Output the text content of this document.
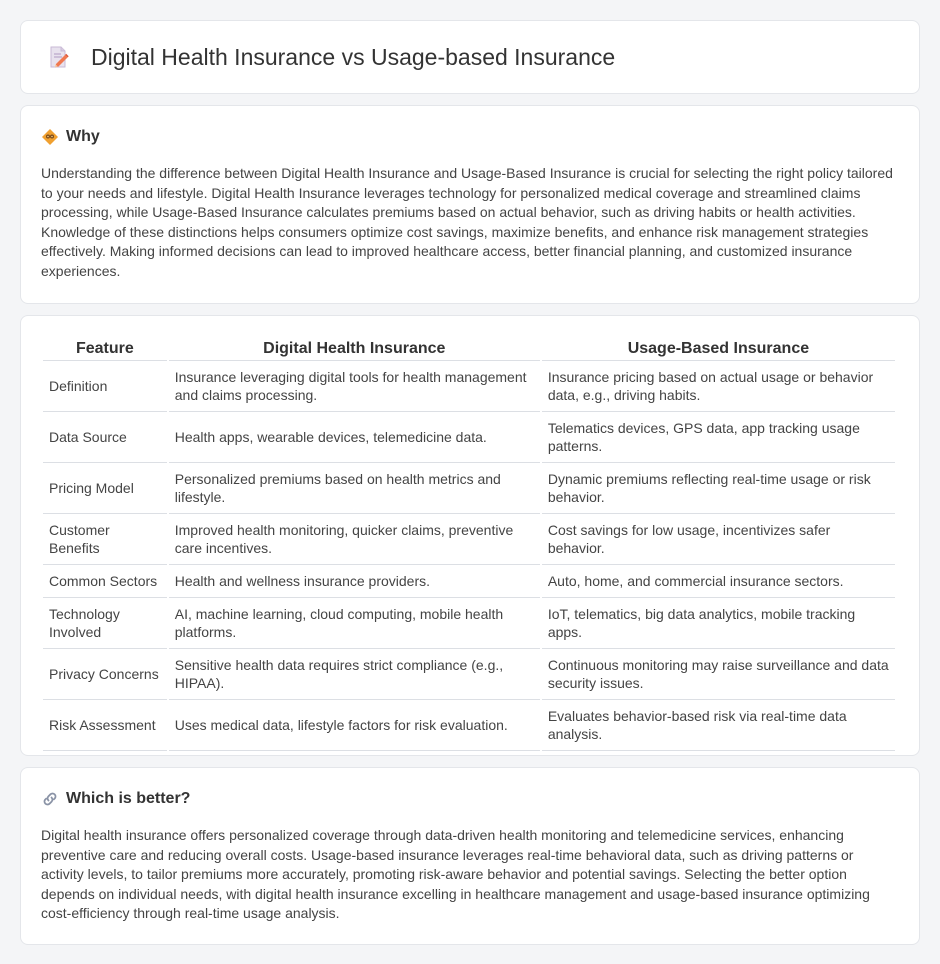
Digital Health Insurance vs Usage-based Insurance
Why

Understanding the difference between Digital Health Insurance and Usage-Based Insurance is crucial for selecting the right policy tailored to your needs and lifestyle. Digital Health Insurance leverages technology for personalized medical coverage and streamlined claims processing, while Usage-Based Insurance calculates premiums based on actual behavior, such as driving habits or health activities. Knowledge of these distinctions helps consumers optimize cost savings, maximize benefits, and enhance risk management strategies effectively. Making informed decisions can lead to improved healthcare access, better financial planning, and customized insurance experiences.

Feature	Digital Health Insurance	Usage-Based Insurance
Definition	Insurance leveraging digital tools for health management and claims processing.	Insurance pricing based on actual usage or behavior data, e.g., driving habits.
Data Source	Health apps, wearable devices, telemedicine data.	Telematics devices, GPS data, app tracking usage patterns.
Pricing Model	Personalized premiums based on health metrics and lifestyle.	Dynamic premiums reflecting real-time usage or risk behavior.
Customer Benefits	Improved health monitoring, quicker claims, preventive care incentives.	Cost savings for low usage, incentivizes safer behavior.
Common Sectors	Health and wellness insurance providers.	Auto, home, and commercial insurance sectors.
Technology Involved	AI, machine learning, cloud computing, mobile health platforms.	IoT, telematics, big data analytics, mobile tracking apps.
Privacy Concerns	Sensitive health data requires strict compliance (e.g., HIPAA).	Continuous monitoring may raise surveillance and data security issues.
Risk Assessment	Uses medical data, lifestyle factors for risk evaluation.	Evaluates behavior-based risk via real-time data analysis.
Which is better?

Digital health insurance offers personalized coverage through data-driven health monitoring and telemedicine services, enhancing preventive care and reducing overall costs. Usage-based insurance leverages real-time behavioral data, such as driving patterns or activity levels, to tailor premiums more accurately, promoting risk-aware behavior and potential savings. Selecting the better option depends on individual needs, with digital health insurance excelling in healthcare management and usage-based insurance optimizing cost-efficiency through real-time usage analysis.
